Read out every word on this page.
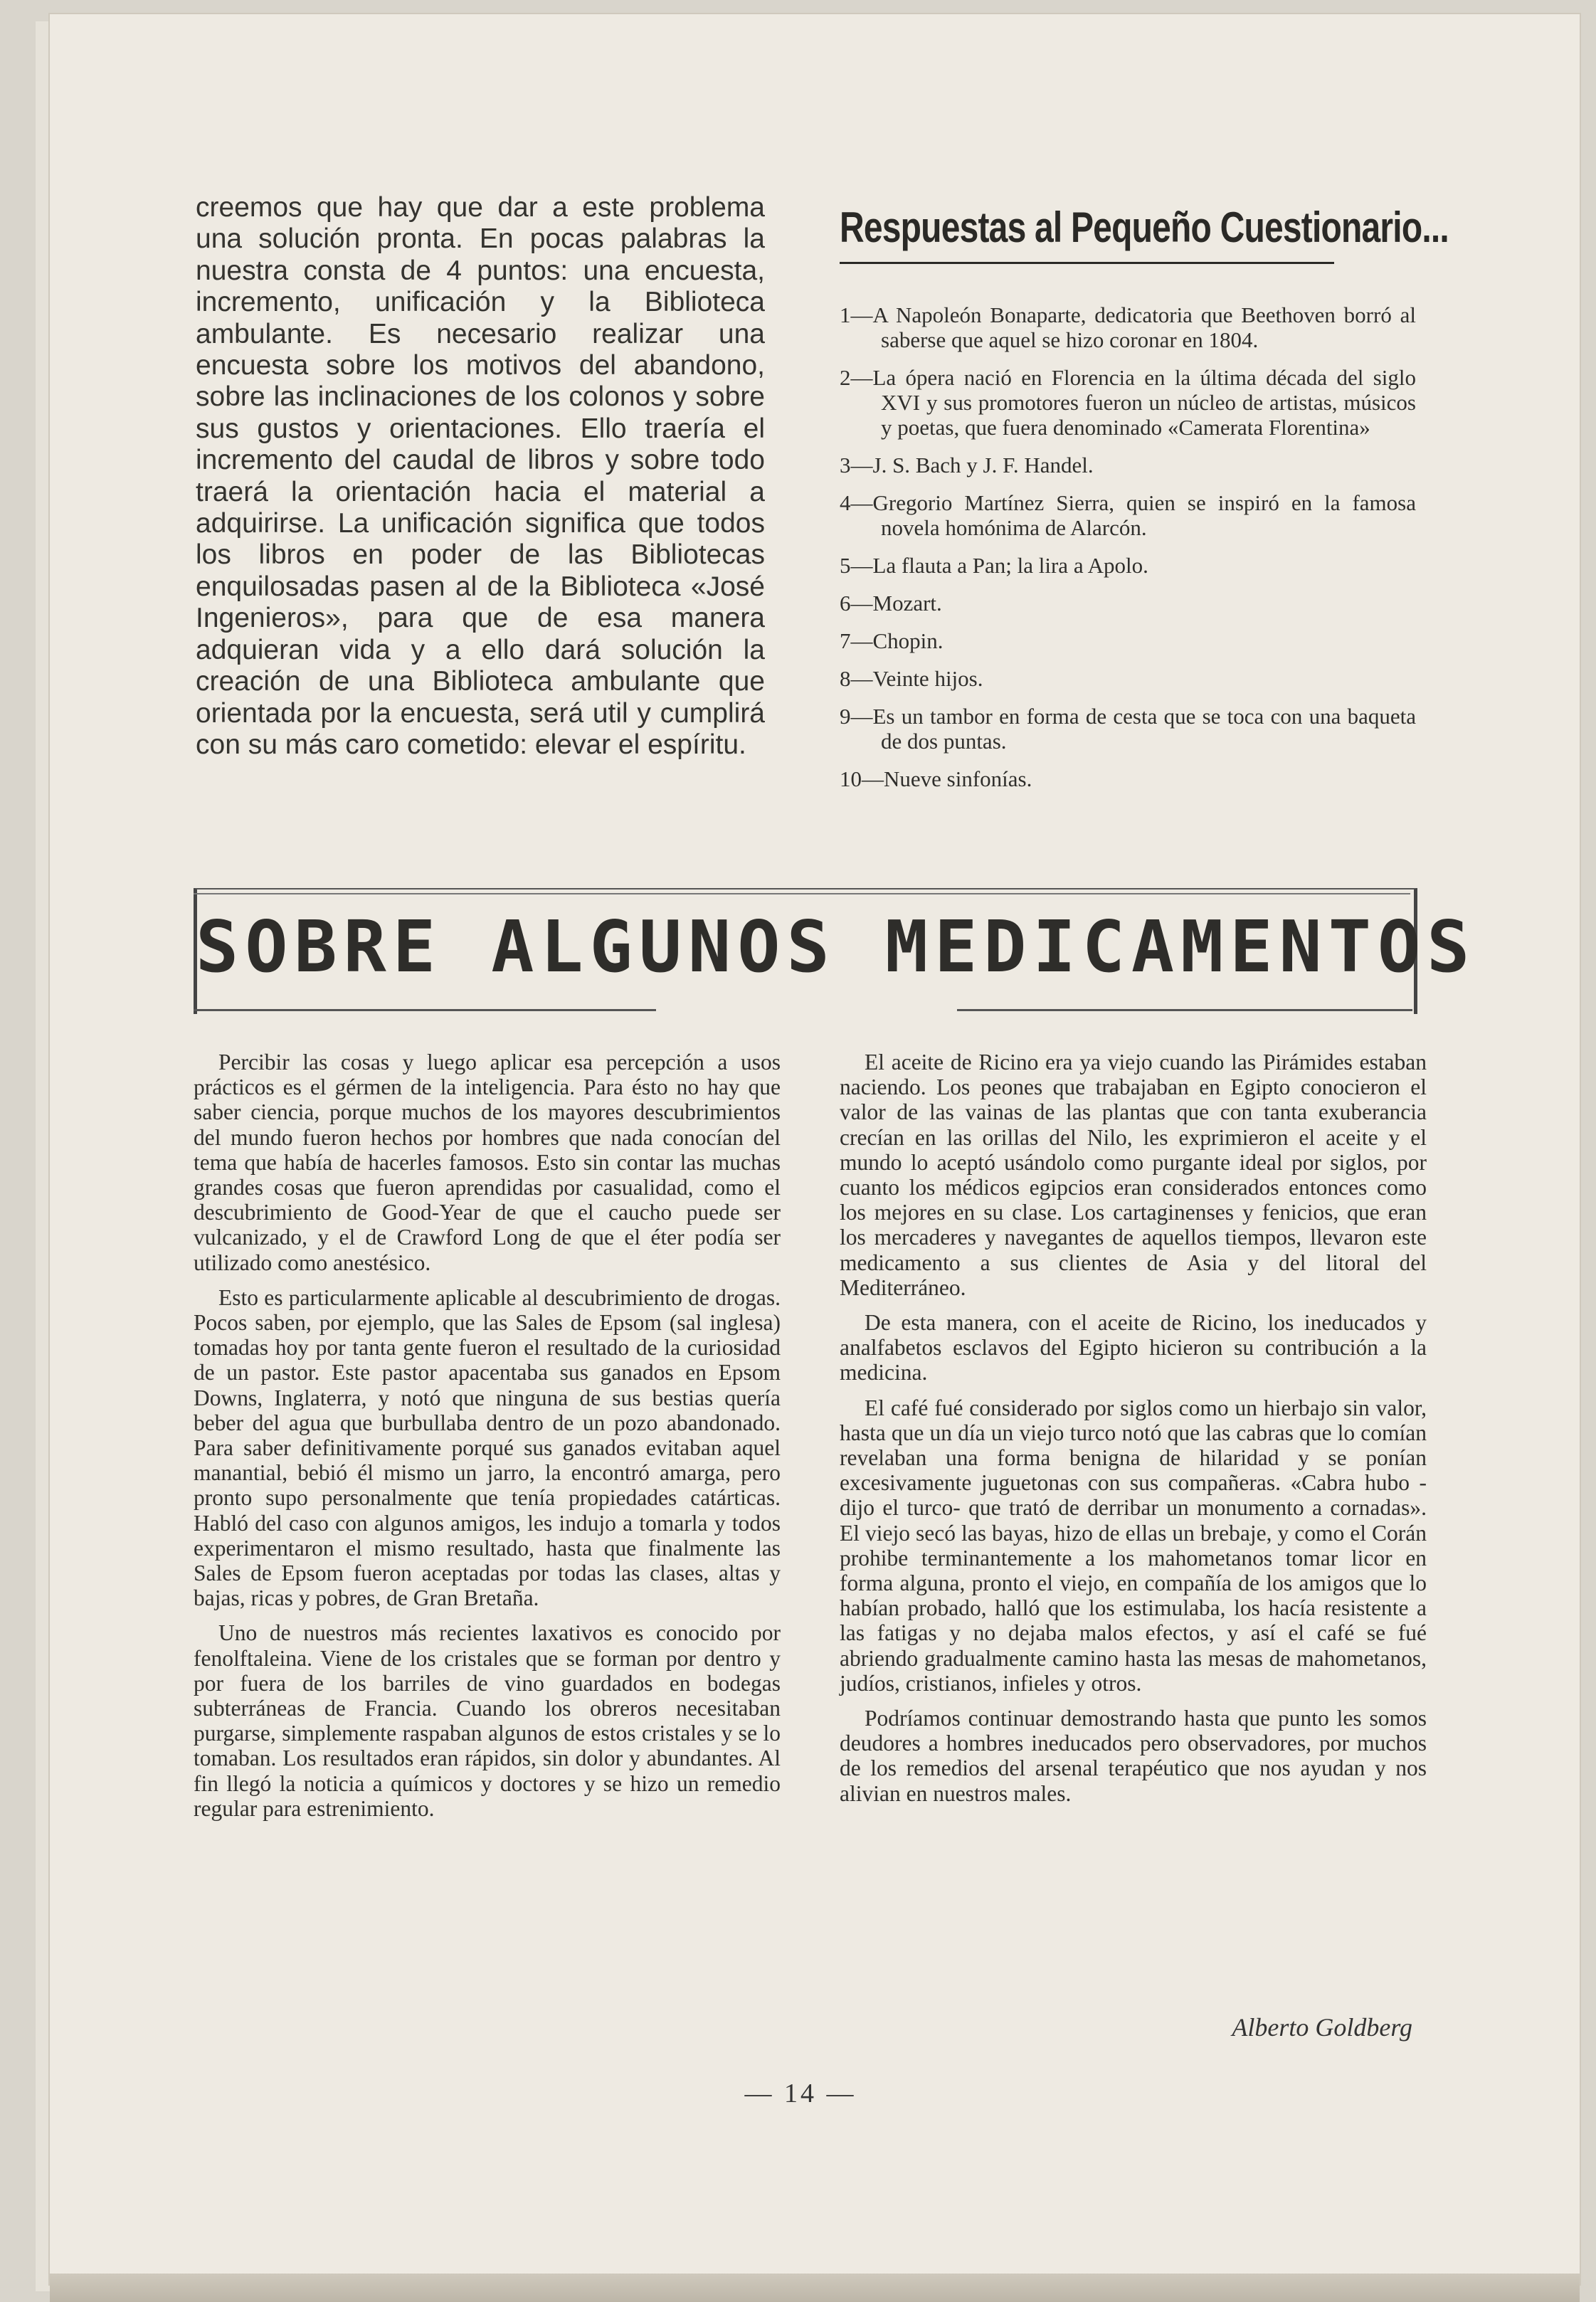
creemos que hay que dar a este problema una solución pronta. En pocas palabras la nuestra consta de 4 puntos: una encuesta, incremento, unificación y la Biblioteca ambulante. Es necesario realizar una encuesta sobre los motivos del abandono, sobre las inclinaciones de los colonos y sobre sus gustos y orientaciones. Ello traería el incremento del caudal de libros y sobre todo traerá la orientación hacia el material a adquirirse. La unificación significa que todos los libros en poder de las Bibliotecas enquilosadas pasen al de la Biblioteca «José Ingenieros», para que de esa manera adquieran vida y a ello dará solución la creación de una Biblioteca ambulante que orientada por la encuesta, será util y cumplirá con su más caro cometido: elevar el espíritu.

Respuestas al Pequeño Cuestionario...
1—A Napoleón Bonaparte, dedicatoria que Beethoven borró al saberse que aquel se hizo coronar en 1804.
2—La ópera nació en Florencia en la última década del siglo XVI y sus promotores fueron un núcleo de artistas, músicos y poetas, que fuera denominado «Camerata Florentina»
3—J. S. Bach y J. F. Handel.
4—Gregorio Martínez Sierra, quien se inspiró en la famosa novela homónima de Alarcón.
5—La flauta a Pan; la lira a Apolo.
6—Mozart.
7—Chopin.
8—Veinte hijos.
9—Es un tambor en forma de cesta que se toca con una baqueta de dos puntas.
10—Nueve sinfonías.
SOBRE ALGUNOS MEDICAMENTOS

Percibir las cosas y luego aplicar esa percepción a usos prácticos es el gérmen de la inteligencia. Para ésto no hay que saber ciencia, porque muchos de los mayores descubrimientos del mundo fueron hechos por hombres que nada conocían del tema que había de hacerles famosos. Esto sin contar las muchas grandes cosas que fueron aprendidas por casualidad, como el descubrimiento de Good-Year de que el caucho puede ser vulcanizado, y el de Crawford Long de que el éter podía ser utilizado como anestésico.

Esto es particularmente aplicable al descubrimiento de drogas. Pocos saben, por ejemplo, que las Sales de Epsom (sal inglesa) tomadas hoy por tanta gente fueron el resultado de la curiosidad de un pastor. Este pastor apacentaba sus ganados en Epsom Downs, Inglaterra, y notó que ninguna de sus bestias quería beber del agua que burbullaba dentro de un pozo abandonado. Para saber definitivamente porqué sus ganados evitaban aquel manantial, bebió él mismo un jarro, la encontró amarga, pero pronto supo personalmente que tenía propiedades catárticas. Habló del caso con algunos amigos, les indujo a tomarla y todos experimentaron el mismo resultado, hasta que finalmente las Sales de Epsom fueron aceptadas por todas las clases, altas y bajas, ricas y pobres, de Gran Bretaña.

Uno de nuestros más recientes laxativos es conocido por fenolftaleina. Viene de los cristales que se forman por dentro y por fuera de los barriles de vino guardados en bodegas subterráneas de Francia. Cuando los obreros necesitaban purgarse, simplemente raspaban algunos de estos cristales y se lo tomaban. Los resultados eran rápidos, sin dolor y abundantes. Al fin llegó la noticia a químicos y doctores y se hizo un remedio regular para estrenimiento.

El aceite de Ricino era ya viejo cuando las Pirámides estaban naciendo. Los peones que trabajaban en Egipto conocieron el valor de las vainas de las plantas que con tanta exuberancia crecían en las orillas del Nilo, les exprimieron el aceite y el mundo lo aceptó usándolo como purgante ideal por siglos, por cuanto los médicos egipcios eran considerados entonces como los mejores en su clase. Los cartaginenses y fenicios, que eran los mercaderes y navegantes de aquellos tiempos, llevaron este medicamento a sus clientes de Asia y del litoral del Mediterráneo.

De esta manera, con el aceite de Ricino, los ineducados y analfabetos esclavos del Egipto hicieron su contribución a la medicina.

El café fué considerado por siglos como un hierbajo sin valor, hasta que un día un viejo turco notó que las cabras que lo comían revelaban una forma benigna de hilaridad y se ponían excesivamente juguetonas con sus compañeras. «Cabra hubo -dijo el turco- que trató de derribar un monumento a cornadas». El viejo secó las bayas, hizo de ellas un brebaje, y como el Corán prohibe terminantemente a los mahometanos tomar licor en forma alguna, pronto el viejo, en compañía de los amigos que lo habían probado, halló que los estimulaba, los hacía resistente a las fatigas y no dejaba malos efectos, y así el café se fué abriendo gradualmente camino hasta las mesas de mahometanos, judíos, cristianos, infieles y otros.

Podríamos continuar demostrando hasta que punto les somos deudores a hombres ineducados pero observadores, por muchos de los remedios del arsenal terapéutico que nos ayudan y nos alivian en nuestros males.

Alberto Goldberg
— 14 —
